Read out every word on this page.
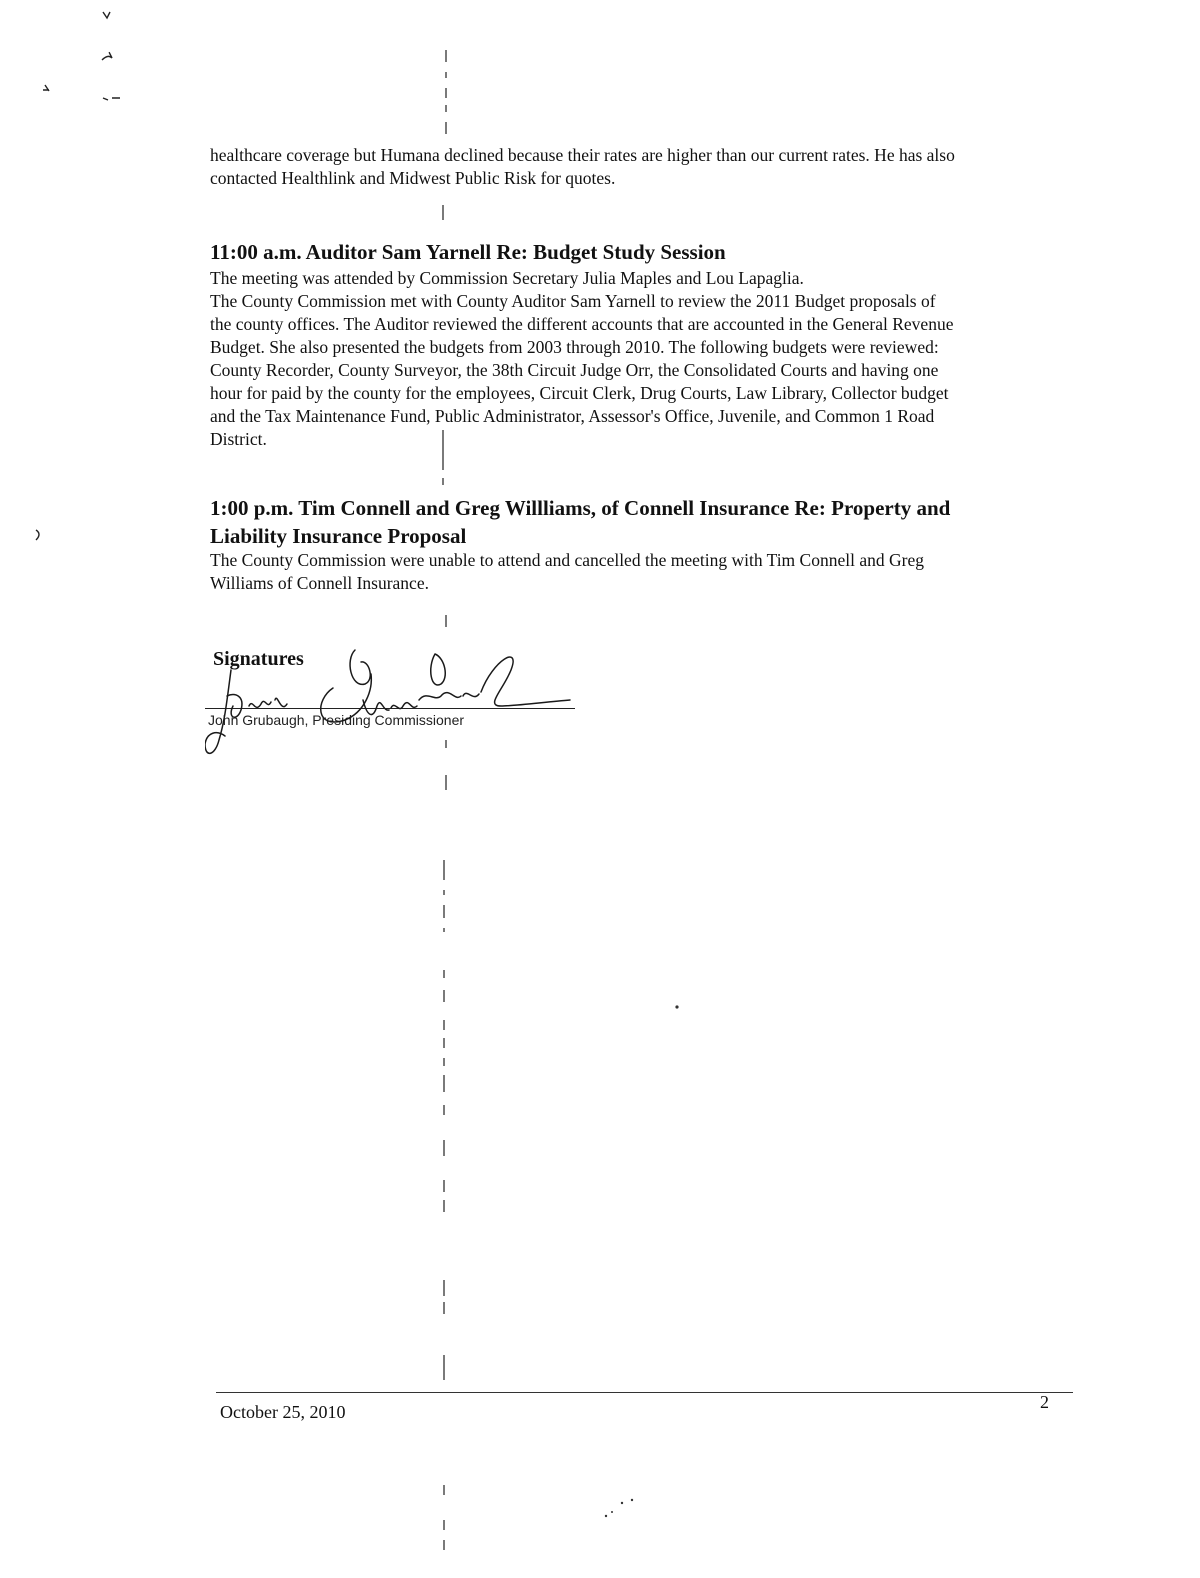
healthcare coverage but Humana declined because their rates are higher than our current rates. He has also
contacted Healthlink and Midwest Public Risk for quotes.
11:00 a.m. Auditor Sam Yarnell Re: Budget Study Session
The meeting was attended by Commission Secretary Julia Maples and Lou Lapaglia.
The County Commission met with County Auditor Sam Yarnell to review the 2011 Budget proposals of
the county offices. The Auditor reviewed the different accounts that are accounted in the General Revenue
Budget. She also presented the budgets from 2003 through 2010. The following budgets were reviewed:
County Recorder, County Surveyor, the 38th Circuit Judge Orr, the Consolidated Courts and having one
hour for paid by the county for the employees, Circuit Clerk, Drug Courts, Law Library, Collector budget
and the Tax Maintenance Fund, Public Administrator, Assessor's Office, Juvenile, and Common 1 Road
District.
1:00 p.m. Tim Connell and Greg Willliams, of Connell Insurance Re: Property and
Liability Insurance Proposal
The County Commission were unable to attend and cancelled the meeting with Tim Connell and Greg
Williams of Connell Insurance.
Signatures
John Grubaugh, Presiding Commissioner
October 25, 2010	2
